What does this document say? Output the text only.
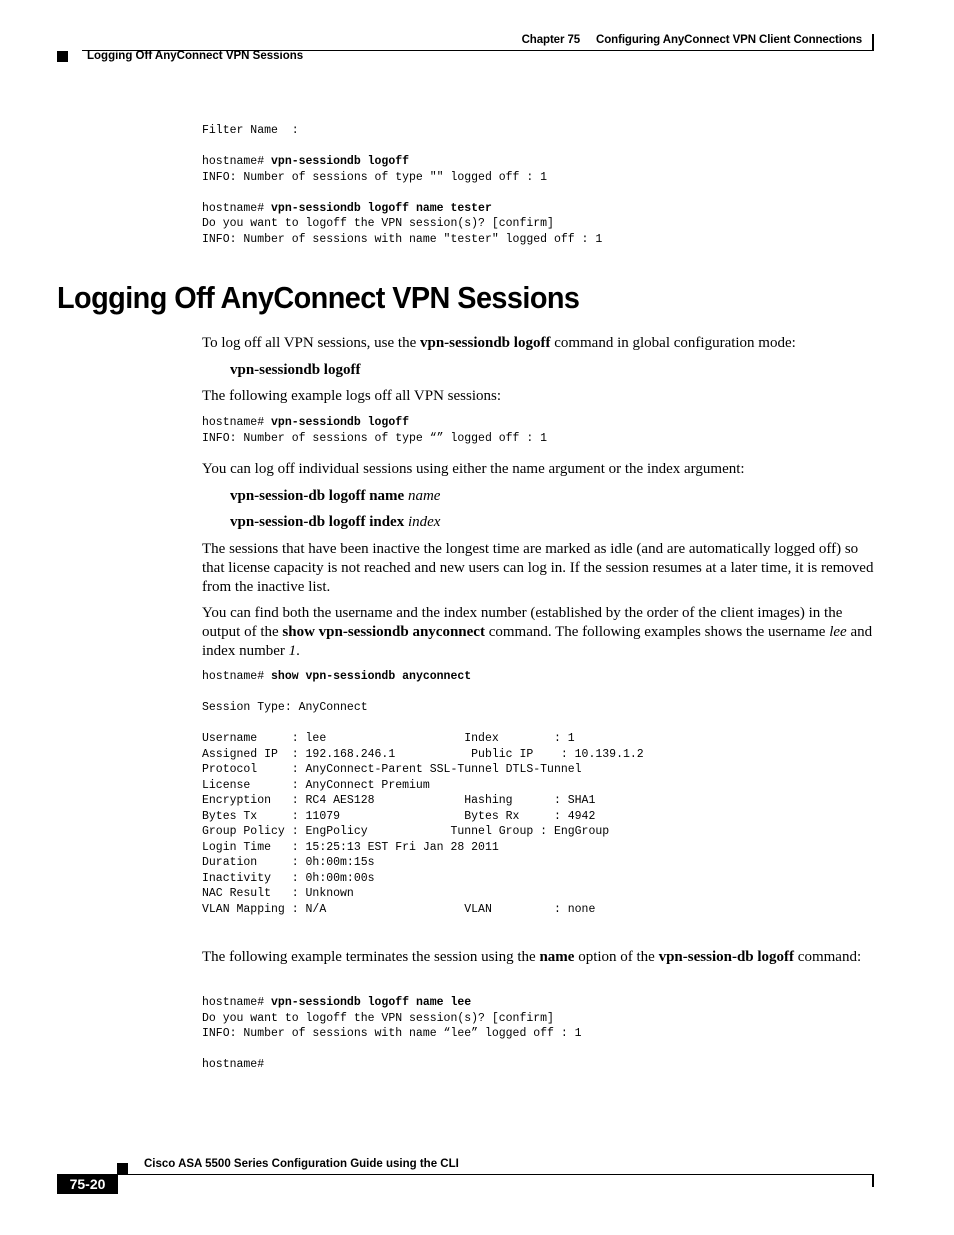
Chapter 75 Configuring AnyConnect VPN Client Connections
Logging Off AnyConnect VPN Sessions
Filter Name  :

hostname# vpn-sessiondb logoff
INFO: Number of sessions of type "" logged off : 1

hostname# vpn-sessiondb logoff name tester
Do you want to logoff the VPN session(s)? [confirm]
INFO: Number of sessions with name "tester" logged off : 1
Logging Off AnyConnect VPN Sessions

To log off all VPN sessions, use the vpn-sessiondb logoff command in global configuration mode:

vpn-sessiondb logoff

The following example logs off all VPN sessions:

hostname# vpn-sessiondb logoff
INFO: Number of sessions of type “” logged off : 1

You can log off individual sessions using either the name argument or the index argument:

vpn-session-db logoff name name

vpn-session-db logoff index index

The sessions that have been inactive the longest time are marked as idle (and are automatically logged off) so that license capacity is not reached and new users can log in. If the session resumes at a later time, it is removed from the inactive list.

You can find both the username and the index number (established by the order of the client images) in the output of the show vpn-sessiondb anyconnect command. The following examples shows the username lee and index number 1.

hostname# show vpn-sessiondb anyconnect

Session Type: AnyConnect

Username     : lee                    Index        : 1
Assigned IP  : 192.168.246.1           Public IP    : 10.139.1.2
Protocol     : AnyConnect-Parent SSL-Tunnel DTLS-Tunnel
License      : AnyConnect Premium
Encryption   : RC4 AES128             Hashing      : SHA1
Bytes Tx     : 11079                  Bytes Rx     : 4942
Group Policy : EngPolicy            Tunnel Group : EngGroup
Login Time   : 15:25:13 EST Fri Jan 28 2011
Duration     : 0h:00m:15s
Inactivity   : 0h:00m:00s
NAC Result   : Unknown
VLAN Mapping : N/A                    VLAN         : none

The following example terminates the session using the name option of the vpn-session-db logoff command:

hostname# vpn-sessiondb logoff name lee
Do you want to logoff the VPN session(s)? [confirm]
INFO: Number of sessions with name “lee” logged off : 1

hostname#
Cisco ASA 5500 Series Configuration Guide using the CLI
75-20
